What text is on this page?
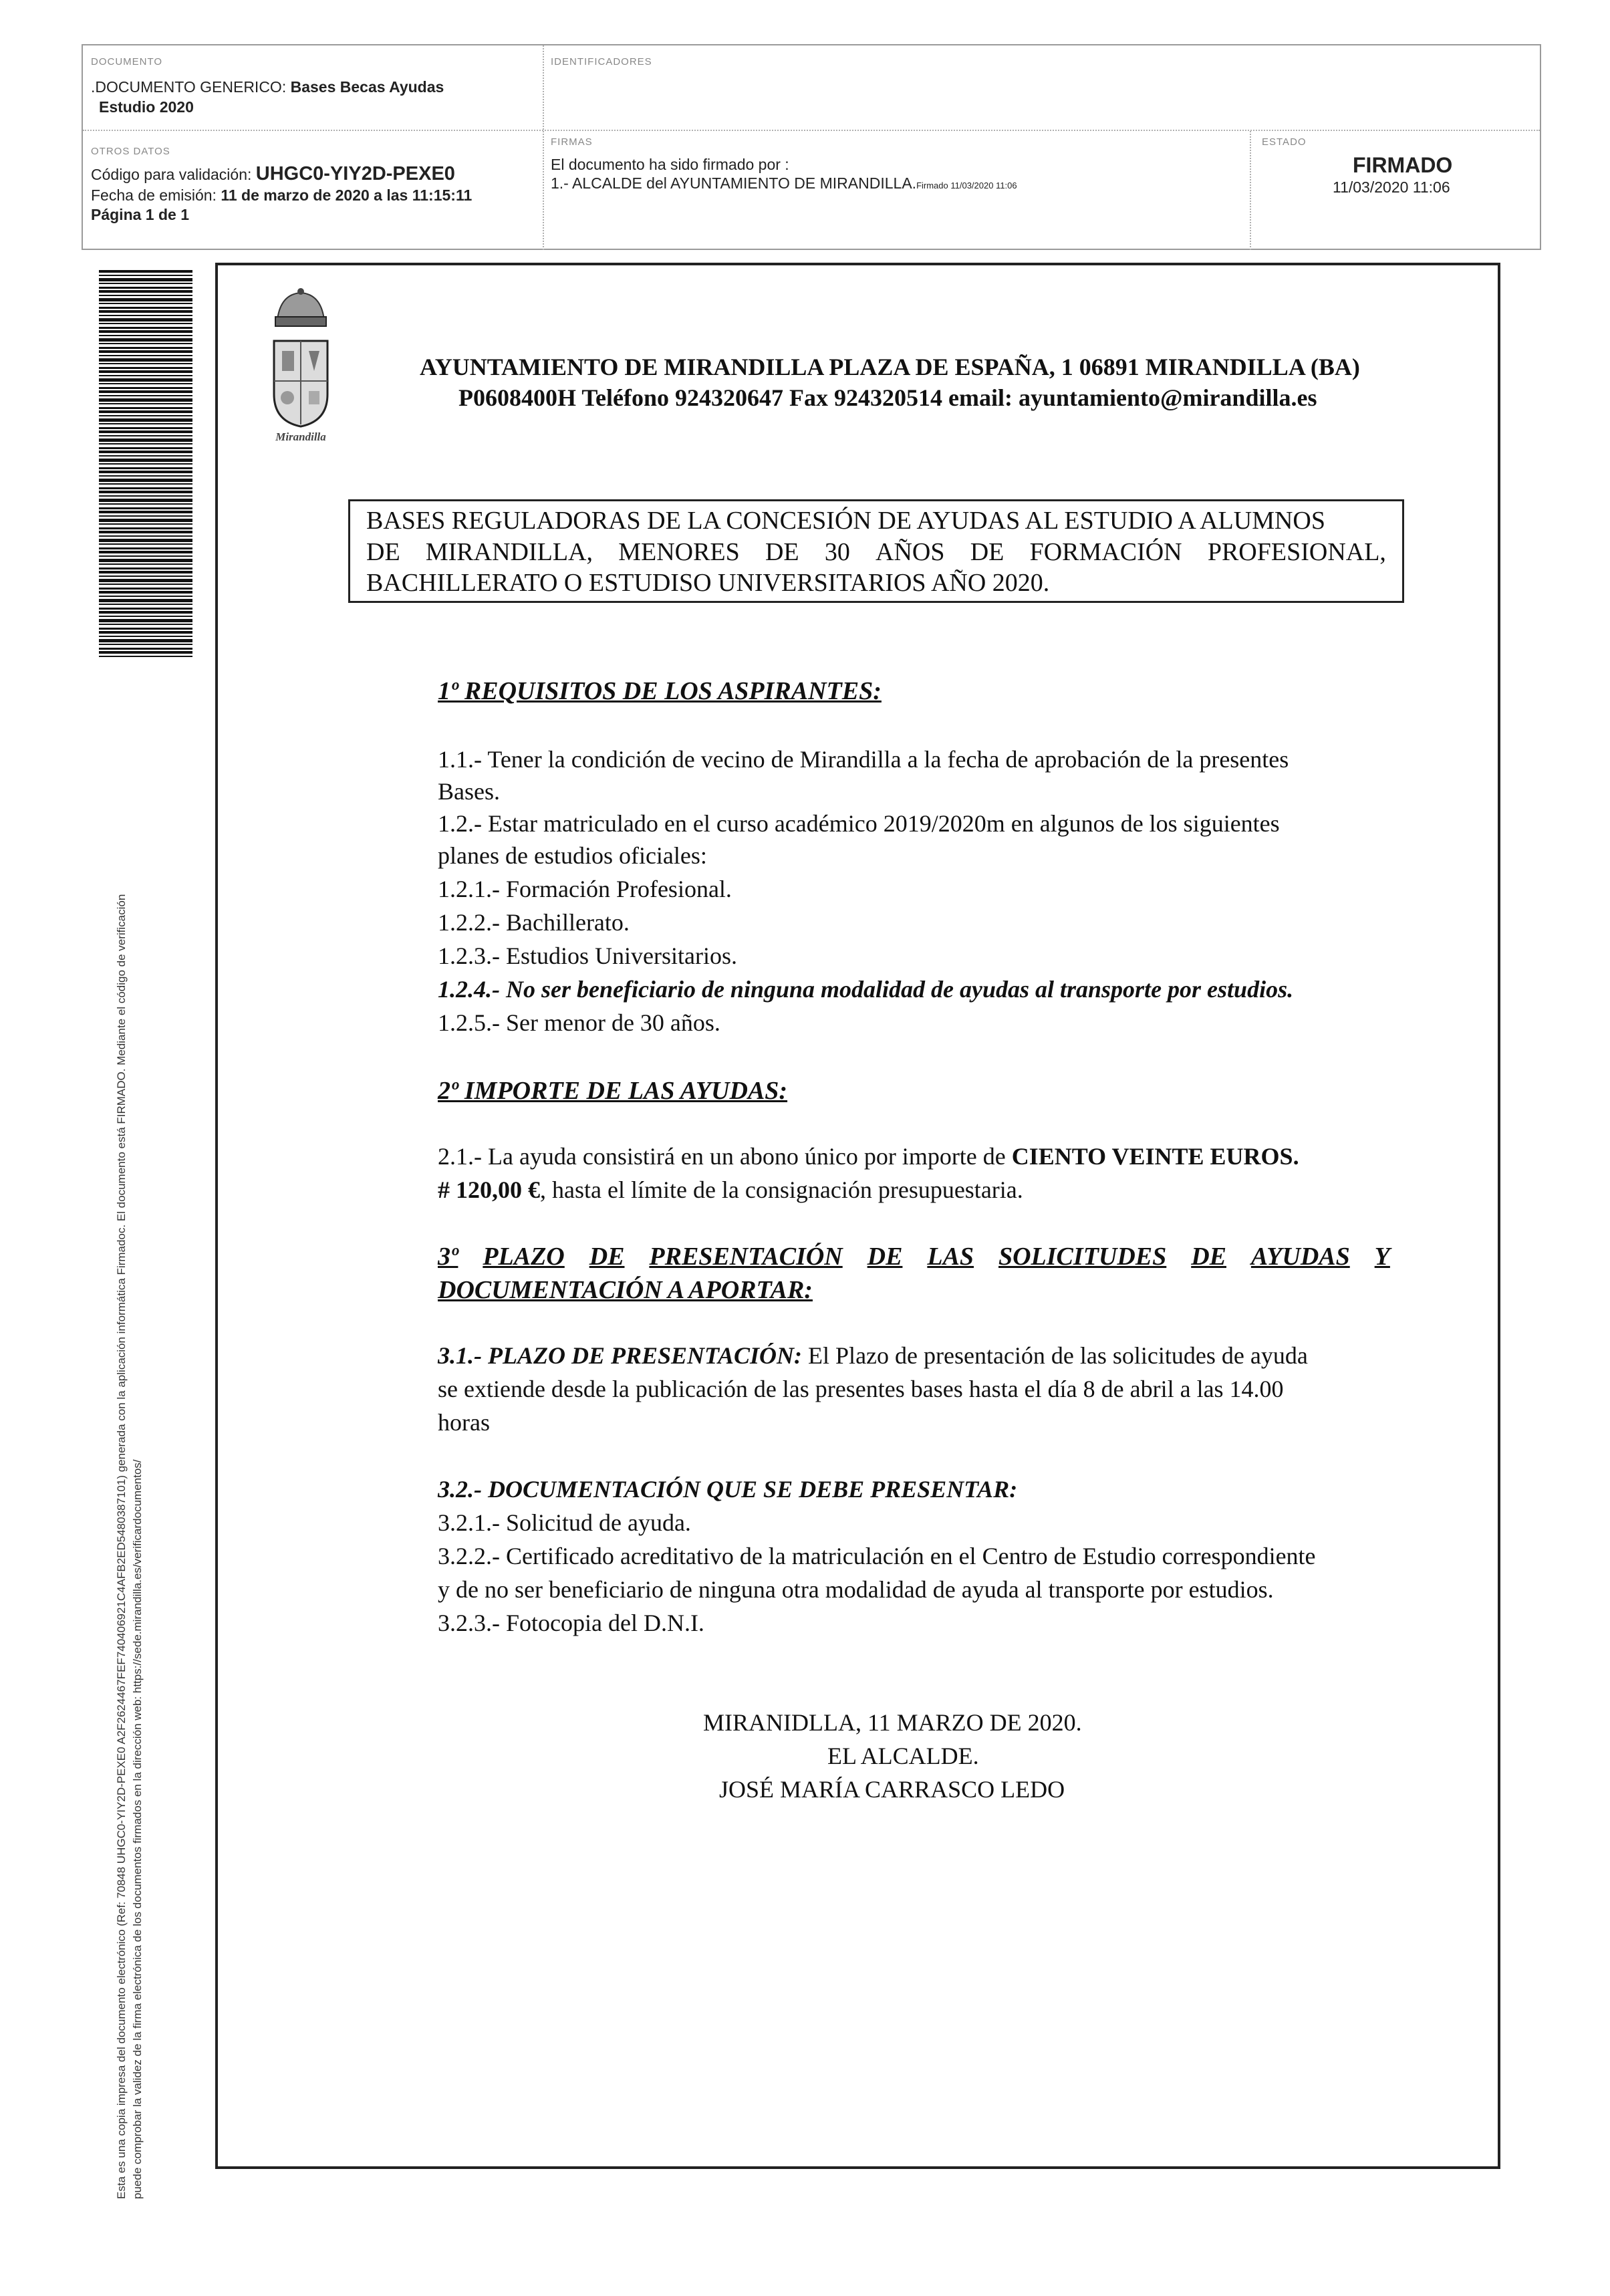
DOCUMENTO
.DOCUMENTO GENERICO: Bases Becas Ayudas
Estudio 2020
IDENTIFICADORES
OTROS DATOS
Código para validación: UHGC0-YIY2D-PEXE0
Fecha de emisión: 11 de marzo de 2020 a las 11:15:11
Página 1 de 1
FIRMAS
El documento ha sido firmado por :
1.- ALCALDE del AYUNTAMIENTO DE MIRANDILLA.Firmado 11/03/2020 11:06
ESTADO
FIRMADO
11/03/2020 11:06
Esta es una copia impresa del documento electrónico (Ref: 70848 UHGC0-YIY2D-PEXE0 A2F2624467FEF740406921C4AFB2ED5480387101) generada con la aplicación informática Firmadoc. El documento está FIRMADO. Mediante el código de verificación puede comprobar la validez de la firma electrónica de los documentos firmados en la dirección web: https://sede.mirandilla.es/verificardocumentos/
Mirandilla
AYUNTAMIENTO DE MIRANDILLA PLAZA DE ESPAÑA, 1 06891 MIRANDILLA (BA)
P0608400H Teléfono 924320647 Fax 924320514 email: ayuntamiento@mirandilla.es
BASES REGULADORAS DE LA CONCESIÓN DE AYUDAS AL ESTUDIO A ALUMNOS
DE MIRANDILLA, MENORES DE 30 AÑOS DE FORMACIÓN PROFESIONAL,
BACHILLERATO O ESTUDISO UNIVERSITARIOS AÑO 2020.
1º REQUISITOS DE LOS ASPIRANTES:
1.1.- Tener la condición de vecino de Mirandilla a la fecha de aprobación de la presentes
Bases.
1.2.- Estar matriculado en el curso académico 2019/2020m en algunos de los siguientes
planes de estudios oficiales:
1.2.1.- Formación Profesional.
1.2.2.- Bachillerato.
1.2.3.- Estudios Universitarios.
1.2.4.- No ser beneficiario de ninguna modalidad de ayudas al transporte por estudios.
1.2.5.- Ser menor de 30 años.
2º IMPORTE DE LAS AYUDAS:
2.1.- La ayuda consistirá en un abono único por importe de CIENTO VEINTE EUROS.
# 120,00 €, hasta el límite de la consignación presupuestaria.
3º PLAZO DE PRESENTACIÓN DE LAS SOLICITUDES DE AYUDAS Y
DOCUMENTACIÓN A APORTAR:
3.1.- PLAZO DE PRESENTACIÓN: El Plazo de presentación de las solicitudes de ayuda
se extiende desde la publicación de las presentes bases hasta el día 8 de abril a las 14.00
horas
3.2.- DOCUMENTACIÓN QUE SE DEBE PRESENTAR:
3.2.1.- Solicitud de ayuda.
3.2.2.- Certificado acreditativo de la matriculación en el Centro de Estudio correspondiente
y de no ser beneficiario de ninguna otra modalidad de ayuda al transporte por estudios.
3.2.3.- Fotocopia del D.N.I.
MIRANIDLLA, 11 MARZO DE 2020.
EL ALCALDE.
JOSÉ MARÍA CARRASCO LEDO
